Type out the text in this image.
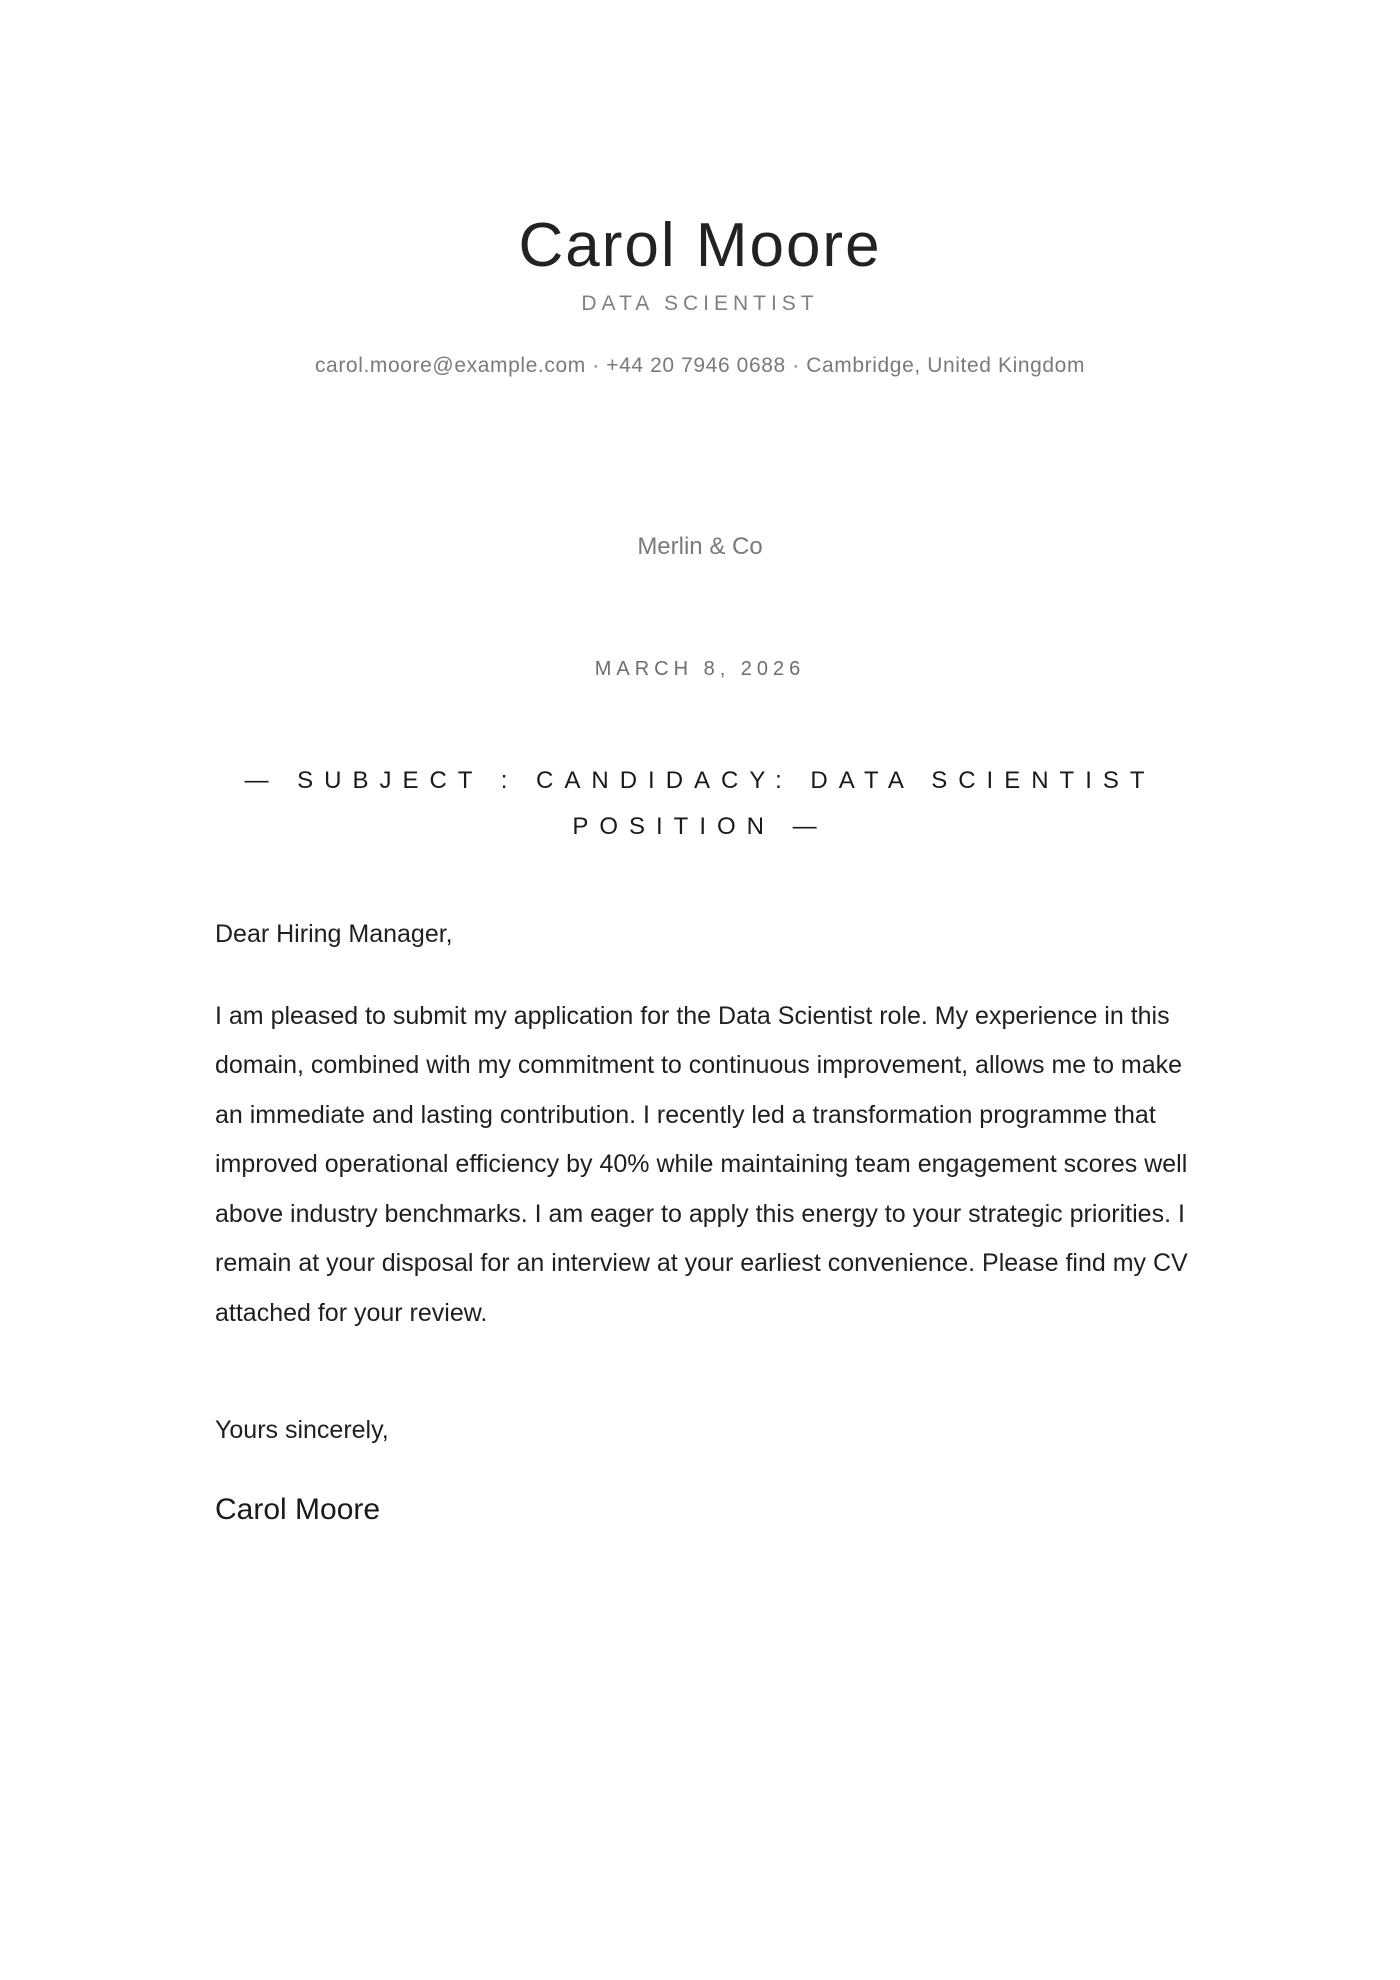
Carol Moore
DATA SCIENTIST
carol.moore@example.com · +44 20 7946 0688 · Cambridge, United Kingdom
Merlin & Co
MARCH 8, 2026
— SUBJECT : CANDIDACY: DATA SCIENTIST POSITION —

Dear Hiring Manager,

I am pleased to submit my application for the Data Scientist role. My experience in this domain, combined with my commitment to continuous improvement, allows me to make an immediate and lasting contribution. I recently led a transformation programme that improved operational efficiency by 40% while maintaining team engagement scores well above industry benchmarks. I am eager to apply this energy to your strategic priorities. I remain at your disposal for an interview at your earliest convenience. Please find my CV attached for your review.

Yours sincerely,

Carol Moore
